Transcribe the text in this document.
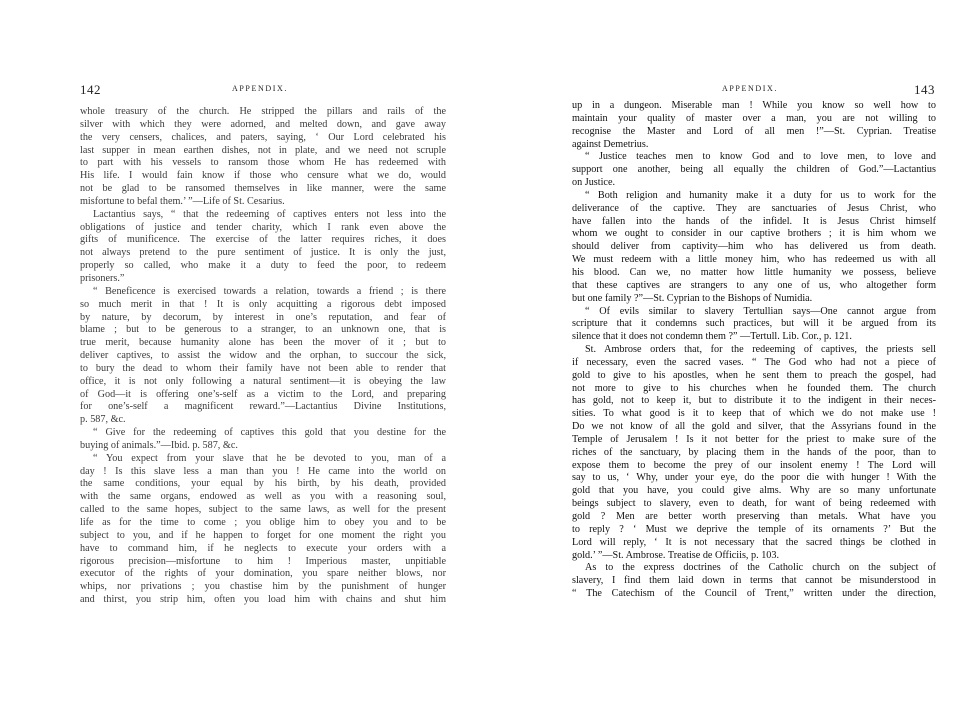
142	APPENDIX.
whole treasury of the church. He stripped the pillars and rails of the
silver with which they were adorned, and melted down, and gave away
the very censers, chalices, and paters, saying, ‘ Our Lord celebrated his
last supper in mean earthen dishes, not in plate, and we need not scruple
to part with his vessels to ransom those whom He has redeemed with
His life. I would fain know if those who censure what we do, would
not be glad to be ransomed themselves in like manner, were the same
misfortune to befal them.’ ”—Life of St. Cesarius.
Lactantius says, “ that the redeeming of captives enters not less into the
obligations of justice and tender charity, which I rank even above the
gifts of munificence. The exercise of the latter requires riches, it does
not always pretend to the pure sentiment of justice. It is only the just,
properly so called, who make it a duty to feed the poor, to redeem
prisoners.”
“ Beneficence is exercised towards a relation, towards a friend ; is there
so much merit in that ! It is only acquitting a rigorous debt imposed
by nature, by decorum, by interest in one’s reputation, and fear of
blame ; but to be generous to a stranger, to an unknown one, that is
true merit, because humanity alone has been the mover of it ; but to
deliver captives, to assist the widow and the orphan, to succour the sick,
to bury the dead to whom their family have not been able to render that
office, it is not only following a natural sentiment—it is obeying the law
of God—it is offering one’s-self as a victim to the Lord, and preparing
for one’s-self a magnificent reward.”—Lactantius Divine Institutions,
p. 587, &c.
“ Give for the redeeming of captives this gold that you destine for the
buying of animals.”—Ibid. p. 587, &c.
“ You expect from your slave that he be devoted to you, man of a
day ! Is this slave less a man than you ! He came into the world on
the same conditions, your equal by his birth, by his death, provided
with the same organs, endowed as well as you with a reasoning soul,
called to the same hopes, subject to the same laws, as well for the present
life as for the time to come ; you oblige him to obey you and to be
subject to you, and if he happen to forget for one moment the right you
have to command him, if he neglects to execute your orders with a
rigorous precision—misfortune to him ! Imperious master, unpitiable
executor of the rights of your domination, you spare neither blows, nor
whips, nor privations ; you chastise him by the punishment of hunger
and thirst, you strip him, often you load him with chains and shut him
APPENDIX.	143
up in a dungeon. Miserable man ! While you know so well how to
maintain your quality of master over a man, you are not willing to
recognise the Master and Lord of all men !”—St. Cyprian. Treatise
against Demetrius.
“ Justice teaches men to know God and to love men, to love and
support one another, being all equally the children of God.”—Lactantius
on Justice.
“ Both religion and humanity make it a duty for us to work for the
deliverance of the captive. They are sanctuaries of Jesus Christ, who
have fallen into the hands of the infidel. It is Jesus Christ himself
whom we ought to consider in our captive brothers ; it is him whom we
should deliver from captivity—him who has delivered us from death.
We must redeem with a little money him, who has redeemed us with all
his blood. Can we, no matter how little humanity we possess, believe
that these captives are strangers to any one of us, who altogether form
but one family ?”—St. Cyprian to the Bishops of Numidia.
“ Of evils similar to slavery Tertullian says—One cannot argue from
scripture that it condemns such practices, but will it be argued from its
silence that it does not condemn them ?” —Tertull. Lib. Cor., p. 121.
St. Ambrose orders that, for the redeeming of captives, the priests sell
if necessary, even the sacred vases. “ The God who had not a piece of
gold to give to his apostles, when he sent them to preach the gospel, had
not more to give to his churches when he founded them. The church
has gold, not to keep it, but to distribute it to the indigent in their neces-
sities. To what good is it to keep that of which we do not make use !
Do we not know of all the gold and silver, that the Assyrians found in the
Temple of Jerusalem ! Is it not better for the priest to make sure of the
riches of the sanctuary, by placing them in the hands of the poor, than to
expose them to become the prey of our insolent enemy ! The Lord will
say to us, ‘ Why, under your eye, do the poor die with hunger ! With the
gold that you have, you could give alms. Why are so many unfortunate
beings subject to slavery, even to death, for want of being redeemed with
gold ? Men are better worth preserving than metals. What have you
to reply ? ‘ Must we deprive the temple of its ornaments ?’ But the
Lord will reply, ‘ It is not necessary that the sacred things be clothed in
gold.’ ”—St. Ambrose. Treatise de Officiis, p. 103.
As to the express doctrines of the Catholic church on the subject of
slavery, I find them laid down in terms that cannot be misunderstood in
“ The Catechism of the Council of Trent,” written under the direction,
